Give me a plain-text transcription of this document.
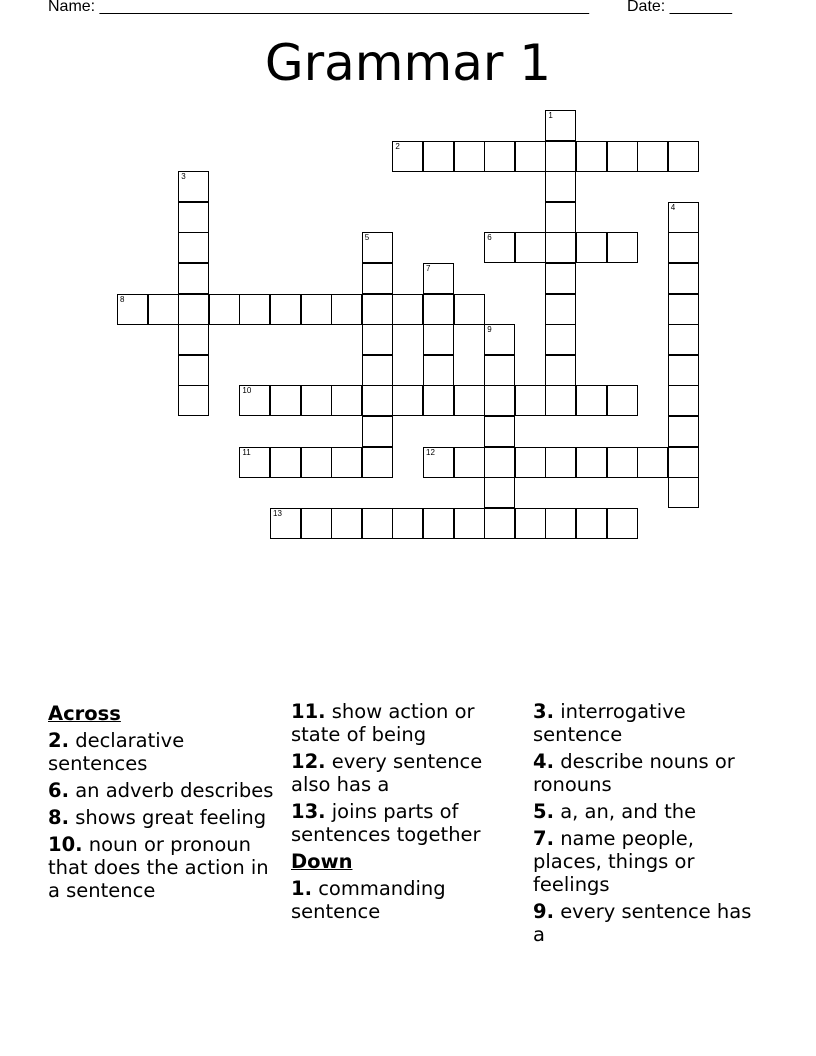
Name: _______________________________________________________ Date: _______
Grammar 1
1
2
3
4
5	6
7
8
9
10
11	12
13
Across
2. declarative sentences
6. an adverb describes
8. shows great feeling
10. noun or pronoun that does the action in a sentence
11. show action or state of being
12. every sentence also has a
13. joins parts of sentences together
Down
1. commanding sentence
3. interrogative sentence
4. describe nouns or ronouns
5. a, an, and the
7. name people, places, things or feelings
9. every sentence has a
